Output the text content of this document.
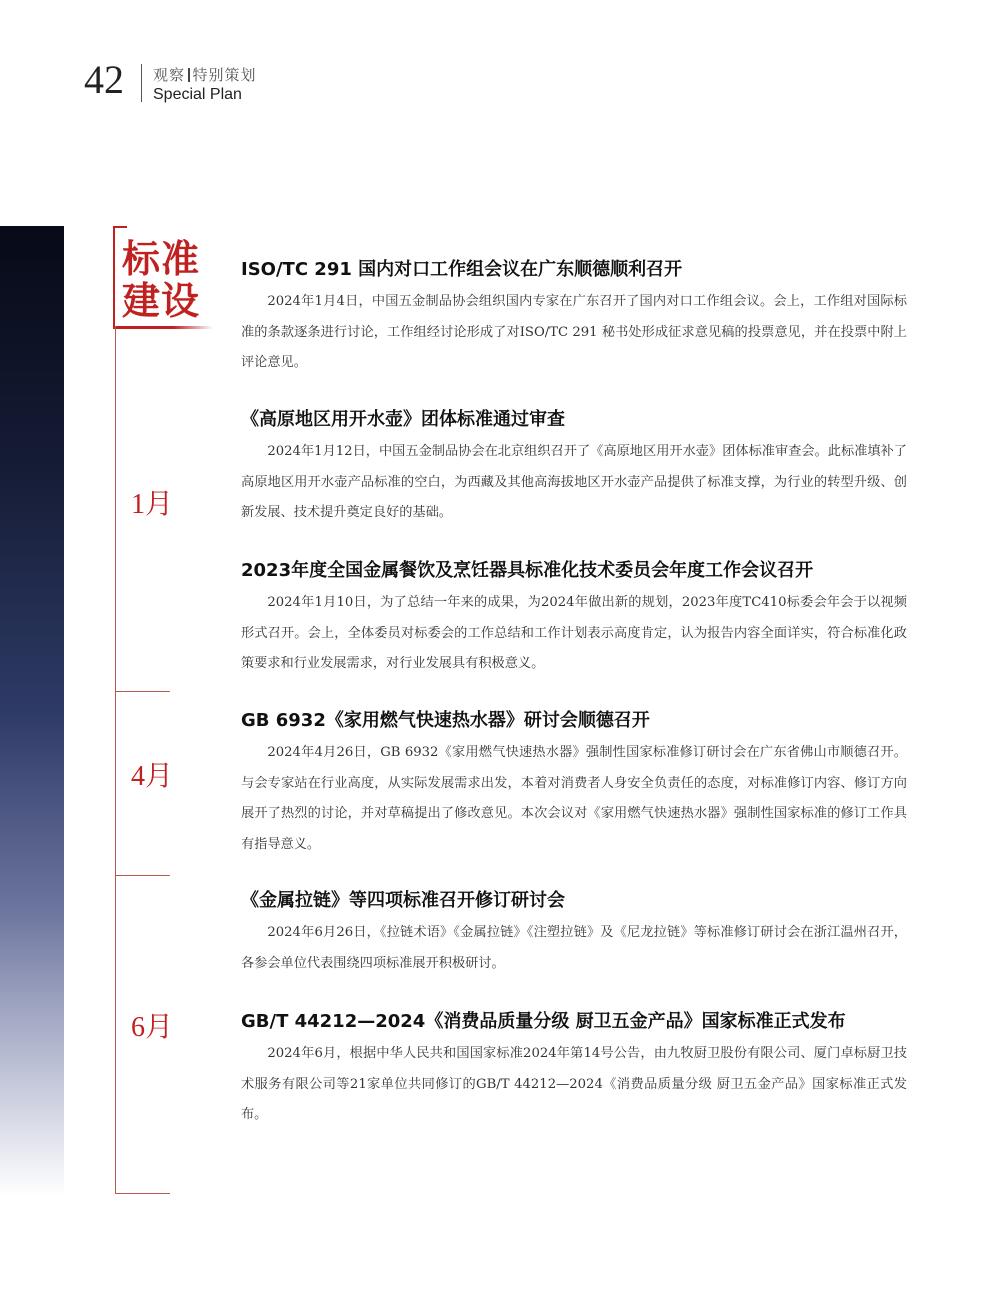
42 观察 特别策划
Special Plan
标准
建设
1月
4月
6月
ISO/TC 291 国内对口工作组会议在广东顺德顺利召开

2024年1月4日，中国五金制品协会组织国内专家在广东召开了国内对口工作组会议。会上，工作组对国际标准的条款逐条进行讨论，工作组经讨论形成了对ISO/TC 291 秘书处形成征求意见稿的投票意见，并在投票中附上评论意见。

《高原地区用开水壶》团体标准通过审查

2024年1月12日，中国五金制品协会在北京组织召开了《高原地区用开水壶》团体标准审查会。此标准填补了高原地区用开水壶产品标准的空白，为西藏及其他高海拔地区开水壶产品提供了标准支撑，为行业的转型升级、创新发展、技术提升奠定良好的基础。

2023年度全国金属餐饮及烹饪器具标准化技术委员会年度工作会议召开

2024年1月10日，为了总结一年来的成果，为2024年做出新的规划，2023年度TC410标委会年会于以视频形式召开。会上，全体委员对标委会的工作总结和工作计划表示高度肯定，认为报告内容全面详实，符合标准化政策要求和行业发展需求，对行业发展具有积极意义。

GB 6932《家用燃气快速热水器》研讨会顺德召开

2024年4月26日，GB 6932《家用燃气快速热水器》强制性国家标准修订研讨会在广东省佛山市顺德召开。与会专家站在行业高度，从实际发展需求出发，本着对消费者人身安全负责任的态度，对标准修订内容、修订方向展开了热烈的讨论，并对草稿提出了修改意见。本次会议对《家用燃气快速热水器》强制性国家标准的修订工作具有指导意义。

《金属拉链》等四项标准召开修订研讨会

2024年6月26日，《拉链术语》《金属拉链》《注塑拉链》及《尼龙拉链》等标准修订研讨会在浙江温州召开，各参会单位代表围绕四项标准展开积极研讨。

GB/T 44212—2024《消费品质量分级 厨卫五金产品》国家标准正式发布

2024年6月，根据中华人民共和国国家标准2024年第14号公告，由九牧厨卫股份有限公司、厦门卓标厨卫技术服务有限公司等21家单位共同修订的GB/T 44212—2024《消费品质量分级 厨卫五金产品》国家标准正式发布。
